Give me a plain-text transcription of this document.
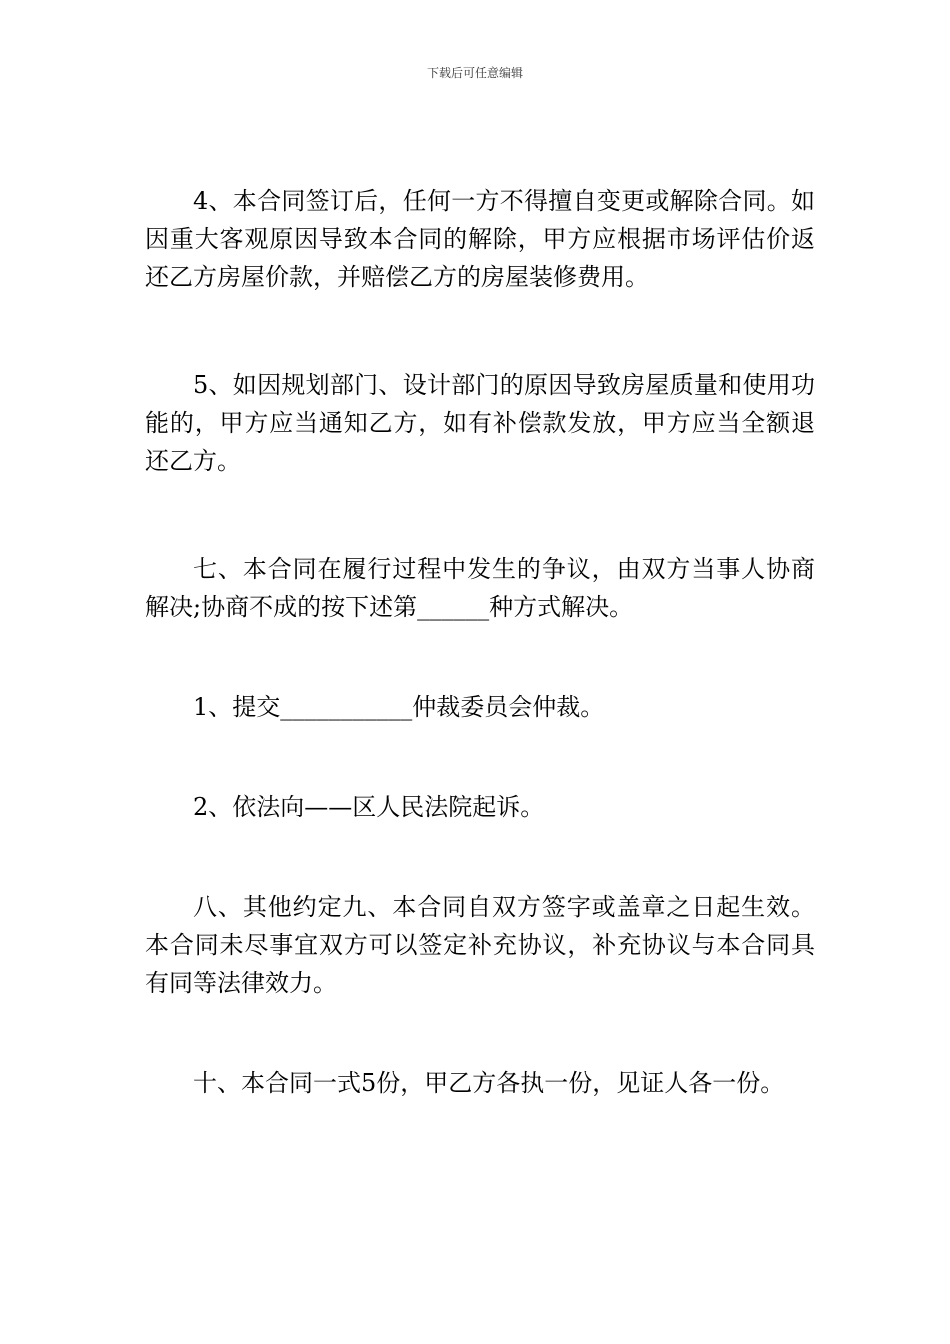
下载后可任意编辑

4、本合同签订后，任何一方不得擅自变更或解除合同。如因重大客观原因导致本合同的解除，甲方应根据市场评估价返还乙方房屋价款，并赔偿乙方的房屋装修费用。

5、如因规划部门、设计部门的原因导致房屋质量和使用功能的，甲方应当通知乙方，如有补偿款发放，甲方应当全额退还乙方。

七、本合同在履行过程中发生的争议，由双方当事人协商解决;协商不成的按下述第______种方式解决。

1、提交___________仲裁委员会仲裁。

2、依法向——区人民法院起诉。

八、其他约定九、本合同自双方签字或盖章之日起生效。本合同未尽事宜双方可以签定补充协议，补充协议与本合同具有同等法律效力。

十、本合同一式5份，甲乙方各执一份，见证人各一份。
